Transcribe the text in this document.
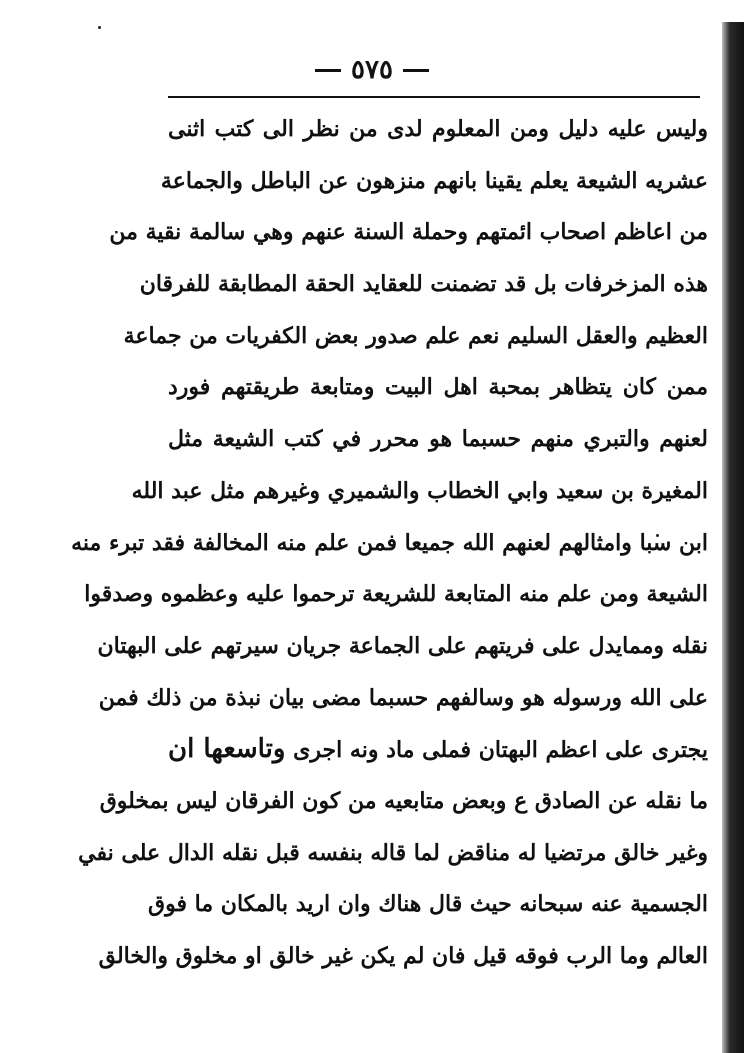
٥٧٥
وليس عليه دليل ومن المعلوم لدى من نظر الى كتب اثنى
عشريه الشيعة يعلم يقينا بانهم منزهون عن الباطل والجماعة
من اعاظم اصحاب ائمتهم وحملة السنة عنهم وهي سالمة نقية من
هذه المزخرفات بل قد تضمنت للعقايد الحقة المطابقة للفرقان
العظيم والعقل السليم نعم علم صدور بعض الكفريات من جماعة
ممن كان يتظاهر بمحبة اهل البيت ومتابعة طريقتهم فورد
لعنهم والتبري منهم حسبما هو محرر في كتب الشيعة مثل
المغيرة بن سعيد وابي الخطاب والشميري وغيرهم مثل عبد الله
ابن سبا وامثالهم لعنهم الله جميعا فمن علم منه المخالفة فقد تبرء منه
الشيعة ومن علم منه المتابعة للشريعة ترحموا عليه وعظموه وصدقوا
نقله وممايدل على فريتهم على الجماعة جريان سيرتهم على البهتان
على الله ورسوله هو وسالفهم حسبما مضى بيان نبذة من ذلك فمن
يجترى على اعظم البهتان فملى ماد ونه اجرى وتاسعها ان
ما نقله عن الصادق ع وبعض متابعيه من كون الفرقان ليس بمخلوق
وغير خالق مرتضيا له مناقض لما قاله بنفسه قبل نقله الدال على نفي
الجسمية عنه سبحانه حيث قال هناك وان اريد بالمكان ما فوق
العالم وما الرب فوقه قيل فان لم يكن غير خالق او مخلوق والخالق
